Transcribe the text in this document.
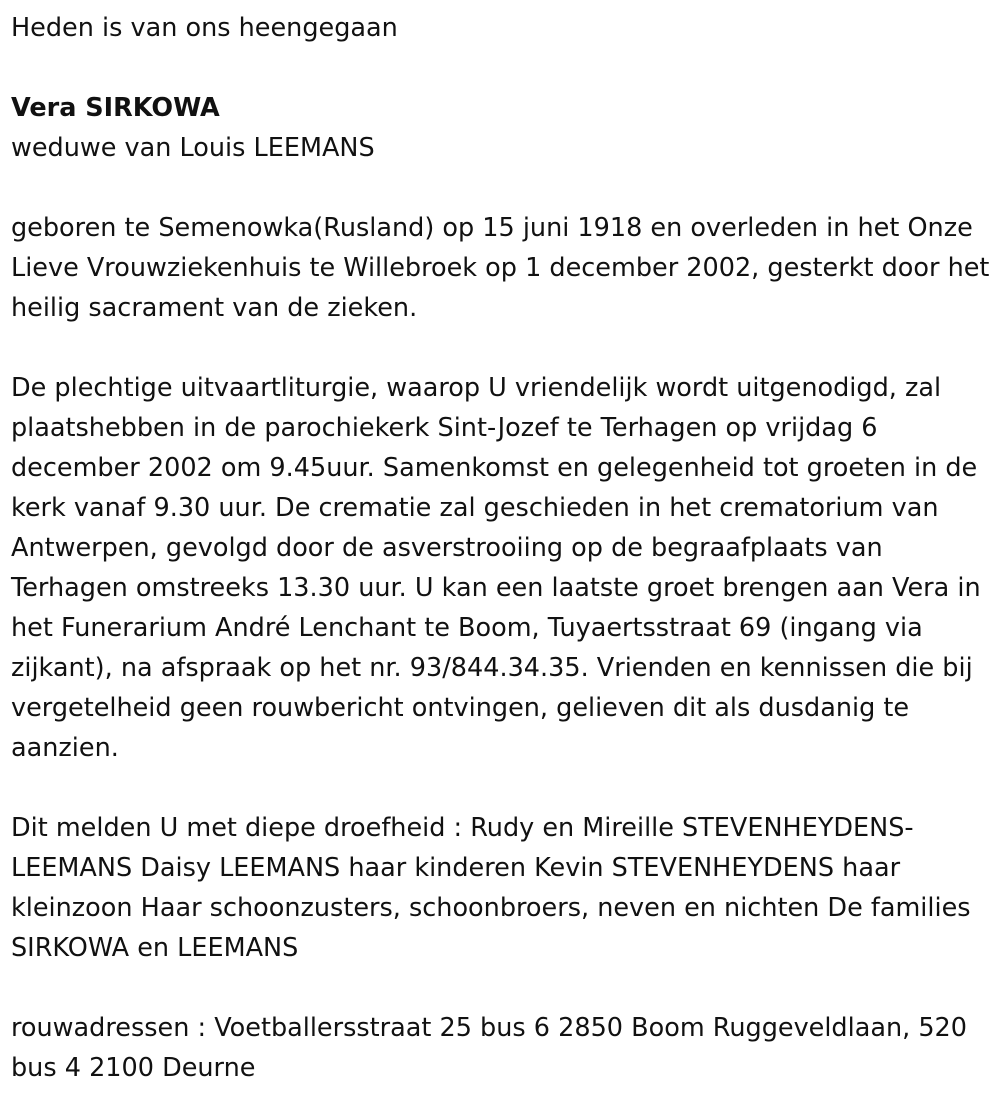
Heden is van ons heengegaan

Vera SIRKOWA

weduwe van Louis LEEMANS

geboren te Semenowka(Rusland) op 15 juni 1918 en overleden in het Onze Lieve Vrouwziekenhuis te Willebroek op 1 december 2002, gesterkt door het heilig sacrament van de zieken.

De plechtige uitvaartliturgie, waarop U vriendelijk wordt uitgenodigd, zal plaatshebben in de parochiekerk Sint-Jozef te Terhagen op vrijdag 6 december 2002 om 9.45uur. Samenkomst en gelegenheid tot groeten in de kerk vanaf 9.30 uur. De crematie zal geschieden in het crematorium van Antwerpen, gevolgd door de asverstrooiing op de begraafplaats van Terhagen omstreeks 13.30 uur. U kan een laatste groet brengen aan Vera in het Funerarium André Lenchant te Boom, Tuyaertsstraat 69 (ingang via zijkant), na afspraak op het nr. 93/844.34.35. Vrienden en kennissen die bij vergetelheid geen rouwbericht ontvingen, gelieven dit als dusdanig te aanzien.

Dit melden U met diepe droefheid : Rudy en Mireille STEVENHEYDENS-LEEMANS Daisy LEEMANS haar kinderen Kevin STEVENHEYDENS haar kleinzoon Haar schoonzusters, schoonbroers, neven en nichten De families SIRKOWA en LEEMANS

rouwadressen : Voetballersstraat 25 bus 6 2850 Boom Ruggeveldlaan, 520 bus 4 2100 Deurne
